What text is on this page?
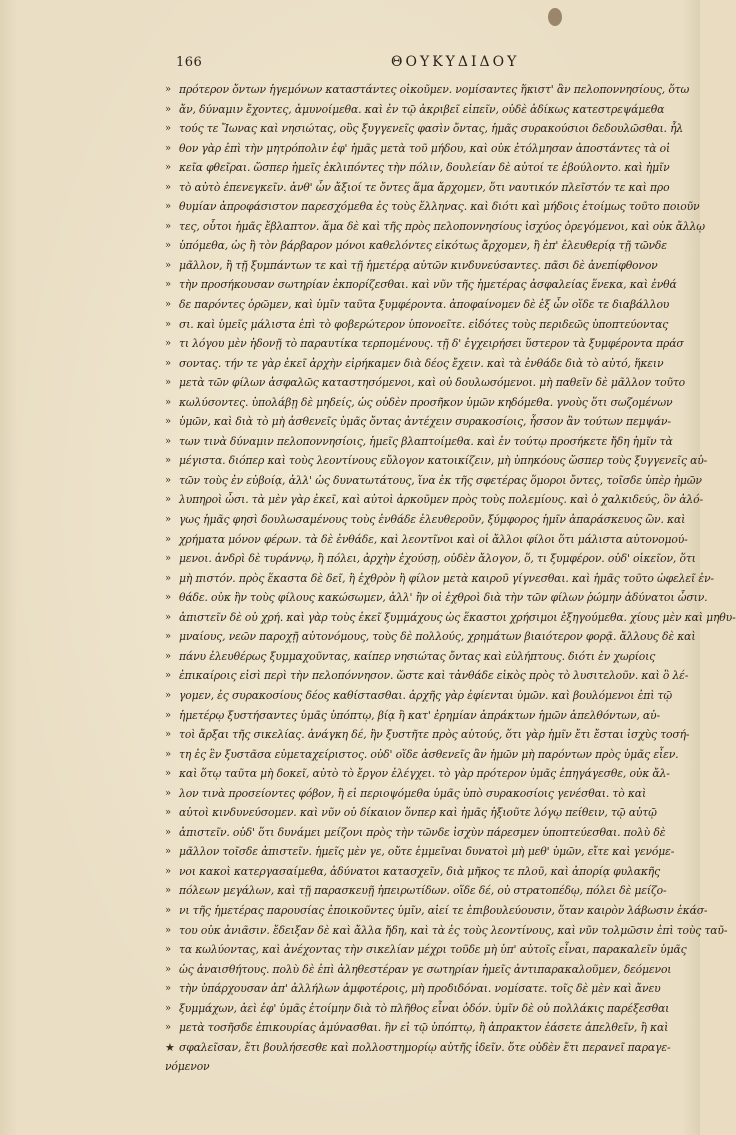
166	ΘΟΥΚΥΔΙΔΟΥ
» πρότερον ὄντων ἡγεμόνων καταστάντες οἰκοῦμεν. νομίσαντες ἥκιστ' ἂν πελοποννησίους, ὅτω
» ἄν, δύναμιν ἔχοντες, ἀμυνοίμεθα. καὶ ἐν τῷ ἀκριβεῖ εἰπεῖν, οὐδὲ ἀδίκως κατεστρεψάμεθα
» τούς τε Ἴωνας καὶ νησιώτας, οὓς ξυγγενεῖς φασὶν ὄντας, ἡμᾶς συρακούσιοι δεδουλῶσθαι. ἦλ
» θον γὰρ ἐπὶ τὴν μητρόπολιν ἐφ' ἡμᾶς μετὰ τοῦ μήδου, καὶ οὐκ ἐτόλμησαν ἀποστάντες τὰ οἰ
» κεῖα φθεῖραι. ὥσπερ ἡμεῖς ἐκλιπόντες τὴν πόλιν, δουλείαν δὲ αὐτοί τε ἐβούλοντο. καὶ ἡμῖν
» τὸ αὐτὸ ἐπενεγκεῖν. ἀνθ' ὧν ἄξιοί τε ὄντες ἅμα ἄρχομεν, ὅτι ναυτικόν πλεῖστόν τε καὶ προ
» θυμίαν ἀπροφάσιστον παρεσχόμεθα ἐς τοὺς ἕλληνας. καὶ διότι καὶ μήδοις ἑτοίμως τοῦτο ποιοῦν
» τες, οὗτοι ἡμᾶς ἔβλαπτον. ἅμα δὲ καὶ τῆς πρὸς πελοποννησίους ἰσχύος ὀρεγόμενοι, καὶ οὐκ ἄλλῳ
» ὑπόμεθα, ὡς ἢ τὸν βάρβαρον μόνοι καθελόντες εἰκότως ἄρχομεν, ἢ ἐπ' ἐλευθερίᾳ τῇ τῶνδε
» μᾶλλον, ἢ τῇ ξυμπάντων τε καὶ τῇ ἡμετέρᾳ αὐτῶν κινδυνεύσαντες. πᾶσι δὲ ἀνεπίφθονον
» τὴν προσήκουσαν σωτηρίαν ἐκπορίζεσθαι. καὶ νῦν τῆς ἡμετέρας ἀσφαλείας ἕνεκα, καὶ ἐνθά
» δε παρόντες ὁρῶμεν, καὶ ὑμῖν ταῦτα ξυμφέροντα. ἀποφαίνομεν δὲ ἐξ ὧν οἵδε τε διαβάλλου
» σι. καὶ ὑμεῖς μάλιστα ἐπὶ τὸ φοβερώτερον ὑπονοεῖτε. εἰδότες τοὺς περιδεῶς ὑποπτεύοντας
» τι λόγου μὲν ἡδονῇ τὸ παραυτίκα τερπομένους. τῇ δ' ἐγχειρήσει ὕστερον τὰ ξυμφέροντα πράσ
» σοντας. τήν τε γὰρ ἐκεῖ ἀρχὴν εἰρήκαμεν διὰ δέος ἔχειν. καὶ τὰ ἐνθάδε διὰ τὸ αὐτό, ἥκειν
» μετὰ τῶν φίλων ἀσφαλῶς καταστησόμενοι, καὶ οὐ δουλωσόμενοι. μὴ παθεῖν δὲ μᾶλλον τοῦτο
» κωλύσοντες. ὑπολάβῃ δὲ μηδείς, ὡς οὐδὲν προσῆκον ὑμῶν κηδόμεθα. γνοὺς ὅτι σωζομένων
» ὑμῶν, καὶ διὰ τὸ μὴ ἀσθενεῖς ὑμᾶς ὄντας ἀντέχειν συρακοσίοις, ἧσσον ἂν τούτων πεμψάν-
» των τινὰ δύναμιν πελοποννησίοις, ἡμεῖς βλαπτοίμεθα. καὶ ἐν τούτῳ προσήκετε ἤδη ἡμῖν τὰ
» μέγιστα. διόπερ καὶ τοὺς λεοντίνους εὔλογον κατοικίζειν, μὴ ὑπηκόους ὥσπερ τοὺς ξυγγενεῖς αὐ-
» τῶν τοὺς ἐν εὐβοίᾳ, ἀλλ' ὡς δυνατωτάτους, ἵνα ἐκ τῆς σφετέρας ὅμοροι ὄντες, τοῖσδε ὑπὲρ ἡμῶν
» λυπηροὶ ὦσι. τὰ μὲν γὰρ ἐκεῖ, καὶ αὐτοὶ ἀρκοῦμεν πρὸς τοὺς πολεμίους. καὶ ὁ χαλκιδεύς, ὃν ἀλό-
» γως ἡμᾶς φησὶ δουλωσαμένους τοὺς ἐνθάδε ἐλευθεροῦν, ξύμφορος ἡμῖν ἀπαράσκευος ὢν. καὶ
» χρήματα μόνον φέρων. τὰ δὲ ἐνθάδε, καὶ λεοντῖνοι καὶ οἱ ἄλλοι φίλοι ὅτι μάλιστα αὐτονομού-
» μενοι. ἀνδρὶ δὲ τυράννῳ, ἢ πόλει, ἀρχὴν ἐχούσῃ, οὐδὲν ἄλογον, ὅ, τι ξυμφέρον. οὐδ' οἰκεῖον, ὅτι
» μὴ πιστόν. πρὸς ἕκαστα δὲ δεῖ, ἢ ἐχθρὸν ἢ φίλον μετὰ καιροῦ γίγνεσθαι. καὶ ἡμᾶς τοῦτο ὠφελεῖ ἐν-
» θάδε. οὐκ ἢν τοὺς φίλους κακώσωμεν, ἀλλ' ἢν οἱ ἐχθροὶ διὰ τὴν τῶν φίλων ῥώμην ἀδύνατοι ὦσιν.
» ἀπιστεῖν δὲ οὐ χρή. καὶ γὰρ τοὺς ἐκεῖ ξυμμάχους ὡς ἕκαστοι χρήσιμοι ἐξηγούμεθα. χίους μὲν καὶ μηθυ-
» μναίους, νεῶν παροχῇ αὐτονόμους, τοὺς δὲ πολλούς, χρημάτων βιαιότερον φορᾷ. ἄλλους δὲ καὶ
» πάνυ ἐλευθέρως ξυμμαχοῦντας, καίπερ νησιώτας ὄντας καὶ εὐλήπτους. διότι ἐν χωρίοις
» ἐπικαίροις εἰσὶ περὶ τὴν πελοπόννησον. ὥστε καὶ τἀνθάδε εἰκὸς πρὸς τὸ λυσιτελοῦν. καὶ ὃ λέ-
» γομεν, ἐς συρακοσίους δέος καθίστασθαι. ἀρχῆς γὰρ ἐφίενται ὑμῶν. καὶ βουλόμενοι ἐπὶ τῷ
» ἡμετέρῳ ξυστήσαντες ὑμᾶς ὑπόπτῳ, βίᾳ ἢ κατ' ἐρημίαν ἀπράκτων ἡμῶν ἀπελθόντων, αὐ-
» τοὶ ἄρξαι τῆς σικελίας. ἀνάγκη δέ, ἢν ξυστῆτε πρὸς αὐτούς, ὅτι γὰρ ἡμῖν ἔτι ἔσται ἰσχὺς τοσή-
» τη ἐς ἓν ξυστᾶσα εὐμεταχείριστος. οὐδ' οἵδε ἀσθενεῖς ἂν ἡμῶν μὴ παρόντων πρὸς ὑμᾶς εἶεν.
» καὶ ὅτῳ ταῦτα μὴ δοκεῖ, αὐτὸ τὸ ἔργον ἐλέγχει. τὸ γὰρ πρότερον ὑμᾶς ἐπηγάγεσθε, οὐκ ἄλ-
» λον τινὰ προσείοντες φόβον, ἢ εἰ περιοψόμεθα ὑμᾶς ὑπὸ συρακοσίοις γενέσθαι. τὸ καὶ
» αὐτοὶ κινδυνεύσομεν. καὶ νῦν οὐ δίκαιον ὅνπερ καὶ ἡμᾶς ἠξιοῦτε λόγῳ πείθειν, τῷ αὐτῷ
» ἀπιστεῖν. οὐδ' ὅτι δυνάμει μείζονι πρὸς τὴν τῶνδε ἰσχὺν πάρεσμεν ὑποπτεύεσθαι. πολὺ δὲ
» μᾶλλον τοῖσδε ἀπιστεῖν. ἡμεῖς μὲν γε, οὔτε ἐμμεῖναι δυνατοὶ μὴ μεθ' ὑμῶν, εἴτε καὶ γενόμε-
» νοι κακοὶ κατεργασαίμεθα, ἀδύνατοι κατασχεῖν, διὰ μῆκος τε πλοῦ, καὶ ἀπορίᾳ φυλακῆς
» πόλεων μεγάλων, καὶ τῇ παρασκευῇ ἠπειρωτίδων. οἵδε δέ, οὐ στρατοπέδῳ, πόλει δὲ μείζο-
» νι τῆς ἡμετέρας παρουσίας ἐποικοῦντες ὑμῖν, αἰεί τε ἐπιβουλεύουσιν, ὅταν καιρὸν λάβωσιν ἑκάσ-
» του οὐκ ἀνιᾶσιν. ἔδειξαν δὲ καὶ ἄλλα ἤδη, καὶ τὰ ἐς τοὺς λεοντίνους, καὶ νῦν τολμῶσιν ἐπὶ τοὺς ταῦ-
» τα κωλύοντας, καὶ ἀνέχοντας τὴν σικελίαν μέχρι τοῦδε μὴ ὑπ' αὐτοῖς εἶναι, παρακαλεῖν ὑμᾶς
» ὡς ἀναισθήτους. πολὺ δὲ ἐπὶ ἀληθεστέραν γε σωτηρίαν ἡμεῖς ἀντιπαρακαλοῦμεν, δεόμενοι
» τὴν ὑπάρχουσαν ἀπ' ἀλλήλων ἀμφοτέροις, μὴ προδιδόναι. νομίσατε. τοῖς δὲ μὲν καὶ ἄνευ
» ξυμμάχων, ἀεὶ ἐφ' ὑμᾶς ἑτοίμην διὰ τὸ πλῆθος εἶναι ὁδόν. ὑμῖν δὲ οὐ πολλάκις παρέξεσθαι
» μετὰ τοσῆσδε ἐπικουρίας ἀμύνασθαι. ἣν εἰ τῷ ὑπόπτῳ, ἢ ἀπρακτον ἐάσετε ἀπελθεῖν, ἢ καὶ
★ σφαλεῖσαν, ἔτι βουλήσεσθε καὶ πολλοστημορίῳ αὐτῆς ἰδεῖν. ὅτε οὐδὲν ἔτι περανεῖ παραγε-
νόμενον
